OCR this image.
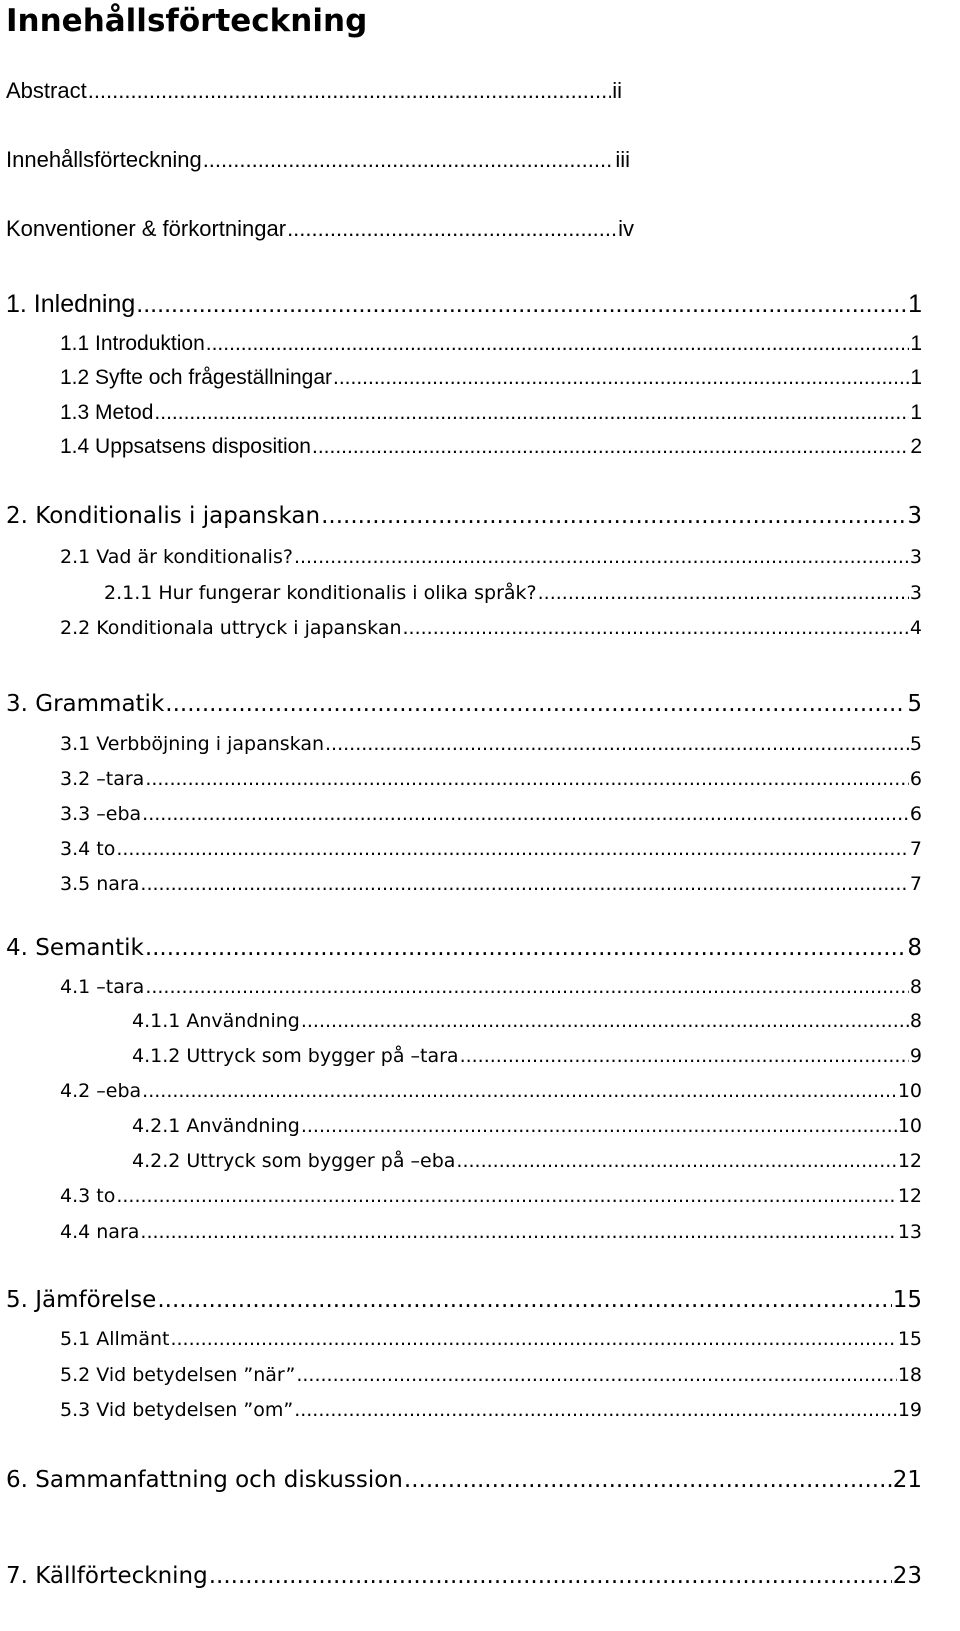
Innehållsförteckning
Abstract .....	ii
Innehållsförteckning .....	iii
Konventioner & förkortningar .....	iv
1. Inledning .....	1
1.1 Introduktion .....	1
1.2 Syfte och frågeställningar .....	1
1.3 Metod .....	1
1.4 Uppsatsens disposition .....	2
2. Konditionalis i japanskan .....	3
2.1 Vad är konditionalis? .....	3
2.1.1 Hur fungerar konditionalis i olika språk? .....	3
2.2 Konditionala uttryck i japanskan .....	4
3. Grammatik .....	5
3.1 Verbböjning i japanskan .....	5
3.2 –tara .....	6
3.3 –eba .....	6
3.4 to .....	7
3.5 nara .....	7
4. Semantik .....	8
4.1 –tara .....	8
4.1.1 Användning .....	8
4.1.2 Uttryck som bygger på –tara .....	9
4.2 –eba .....	10
4.2.1 Användning .....	10
4.2.2 Uttryck som bygger på –eba .....	12
4.3 to .....	12
4.4 nara .....	13
5. Jämförelse .....	15
5.1 Allmänt .....	15
5.2 Vid betydelsen ”när” .....	18
5.3 Vid betydelsen ”om” .....	19
6. Sammanfattning och diskussion .....	21
7. Källförteckning .....	23
